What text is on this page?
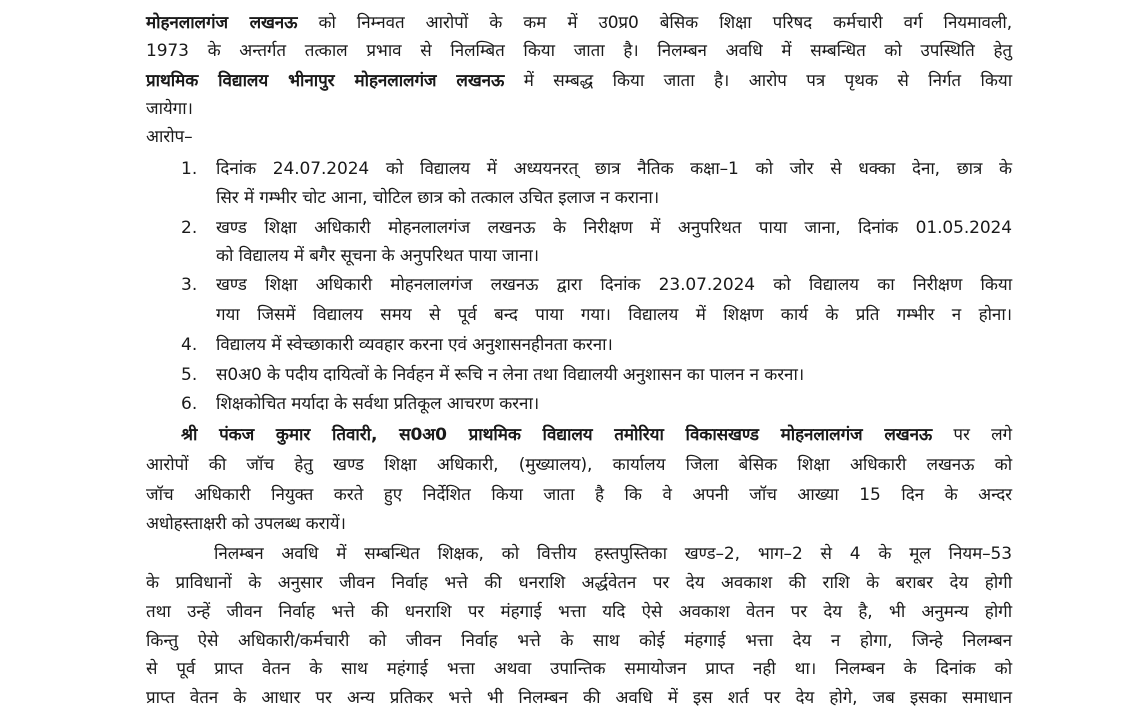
मोहनलालगंज लखनऊ को निम्नवत आरोपों के कम में उ0प्र0 बेसिक शिक्षा परिषद कर्मचारी वर्ग नियमावली,
1973 के अन्तर्गत तत्काल प्रभाव से निलम्बित किया जाता है। निलम्बन अवधि में सम्बन्धित को उपस्थिति हेतु
प्राथमिक विद्यालय भीनापुर मोहनलालगंज लखनऊ में सम्बद्ध किया जाता है। आरोप पत्र पृथक से निर्गत किया
जायेगा।
आरोप–
1. दिनांक 24.07.2024 को विद्यालय में अध्ययनरत् छात्र नैतिक कक्षा–1 को जोर से धक्का देना, छात्र के
सिर में गम्भीर चोट आना, चोटिल छात्र को तत्काल उचित इलाज न कराना।
2. खण्ड शिक्षा अधिकारी मोहनलालगंज लखनऊ के निरीक्षण में अनुपरिथत पाया जाना, दिनांक 01.05.2024
को विद्यालय में बगैर सूचना के अनुपरिथत पाया जाना।
3. खण्ड शिक्षा अधिकारी मोहनलालगंज लखनऊ द्वारा दिनांक 23.07.2024 को विद्यालय का निरीक्षण किया
गया जिसमें विद्यालय समय से पूर्व बन्द पाया गया। विद्यालय में शिक्षण कार्य के प्रति गम्भीर न होना।
4. विद्यालय में स्वेच्छाकारी व्यवहार करना एवं अनुशासनहीनता करना।
5. स0अ0 के पदीय दायित्वों के निर्वहन में रूचि न लेना तथा विद्यालयी अनुशासन का पालन न करना।
6. शिक्षकोचित मर्यादा के सर्वथा प्रतिकूल आचरण करना।
श्री पंकज कुमार तिवारी, स0अ0 प्राथमिक विद्यालय तमोरिया विकासखण्ड मोहनलालगंज लखनऊ पर लगे
आरोपों की जॉच हेतु खण्ड शिक्षा अधिकारी, (मुख्यालय), कार्यालय जिला बेसिक शिक्षा अधिकारी लखनऊ को
जॉच अधिकारी नियुक्त करते हुए निर्देशित किया जाता है कि वे अपनी जॉच आख्या 15 दिन के अन्दर
अधोहस्ताक्षरी को उपलब्ध करायें।
निलम्बन अवधि में सम्बन्धित शिक्षक, को वित्तीय हस्तपुस्तिका खण्ड–2, भाग–2 से 4 के मूल नियम–53
के प्राविधानों के अनुसार जीवन निर्वाह भत्ते की धनराशि अर्द्धवेतन पर देय अवकाश की राशि के बराबर देय होगी
तथा उन्हें जीवन निर्वाह भत्ते की धनराशि पर मंहगाई भत्ता यदि ऐसे अवकाश वेतन पर देय है, भी अनुमन्य होगी
किन्तु ऐसे अधिकारी/कर्मचारी को जीवन निर्वाह भत्ते के साथ कोई मंहगाई भत्ता देय न होगा, जिन्हे निलम्बन
से पूर्व प्राप्त वेतन के साथ महंगाई भत्ता अथवा उपान्तिक समायोजन प्राप्त नही था। निलम्बन के दिनांक को
प्राप्त वेतन के आधार पर अन्य प्रतिकर भत्ते भी निलम्बन की अवधि में इस शर्त पर देय होगे, जब इसका समाधान
